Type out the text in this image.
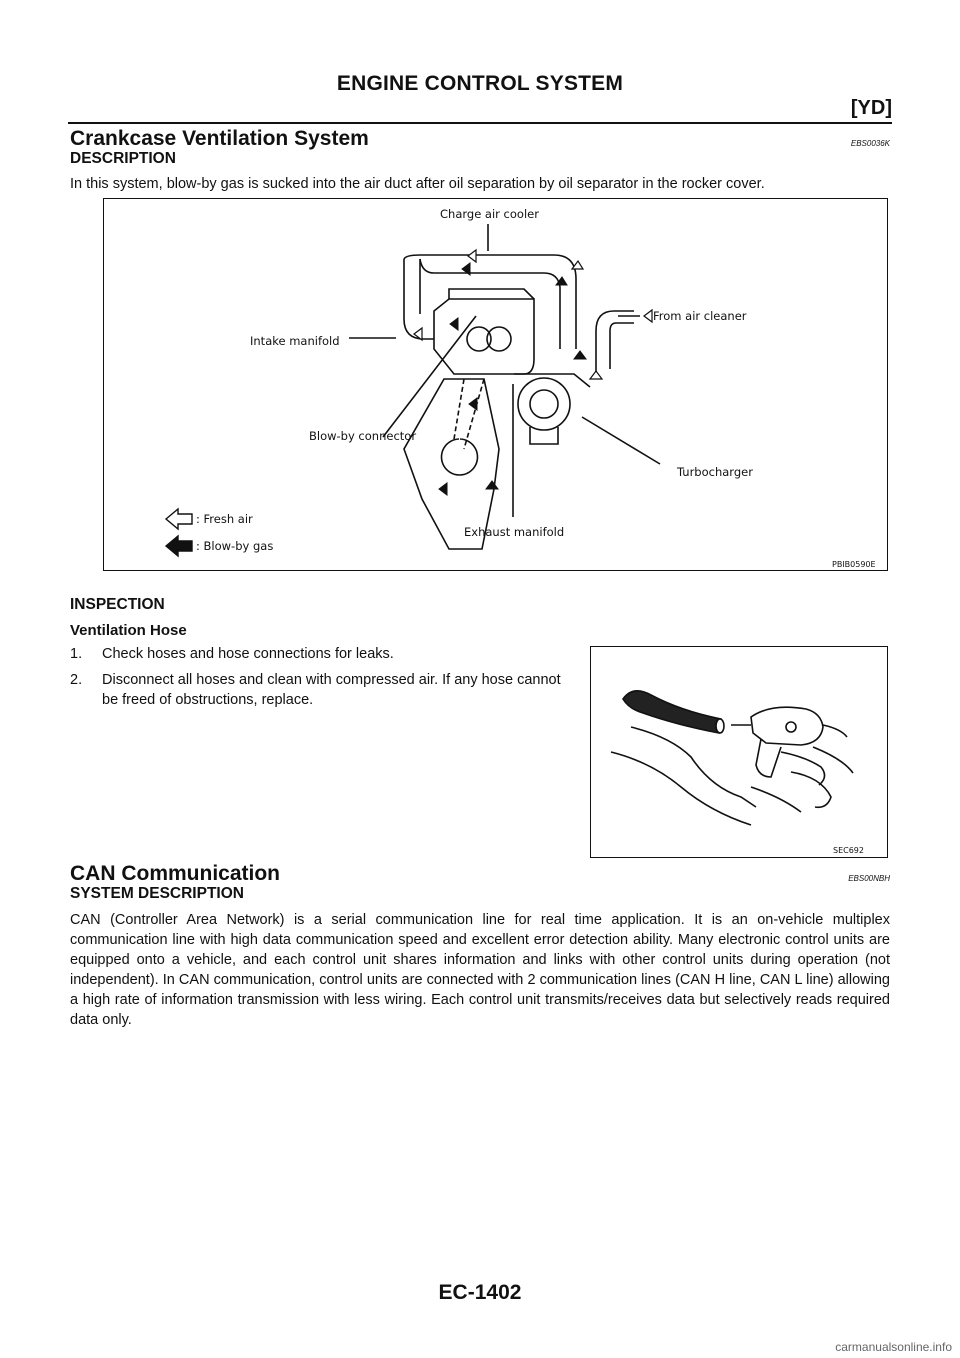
ENGINE CONTROL SYSTEM
[YD]
Crankcase Ventilation System	EBS0036K
DESCRIPTION
In this system, blow-by gas is sucked into the air duct after oil separation by oil separator in the rocker cover.
Charge air cooler
From air cleaner
Intake manifold
Blow-by connector
Turbocharger
Exhaust manifold
: Fresh air
: Blow-by gas
PBIB0590E
INSPECTION
Ventilation Hose
1. Check hoses and hose connections for leaks.
2. Disconnect all hoses and clean with compressed air. If any hose cannot be freed of obstructions, replace.
SEC692
CAN Communication	EBS00NBH
SYSTEM DESCRIPTION
CAN (Controller Area Network) is a serial communication line for real time application. It is an on-vehicle multiplex communication line with high data communication speed and excellent error detection ability. Many electronic control units are equipped onto a vehicle, and each control unit shares information and links with other control units during operation (not independent). In CAN communication, control units are connected with 2 communication lines (CAN H line, CAN L line) allowing a high rate of information transmission with less wiring. Each control unit transmits/receives data but selectively reads required data only.
EC-1402
carmanualsonline.info
